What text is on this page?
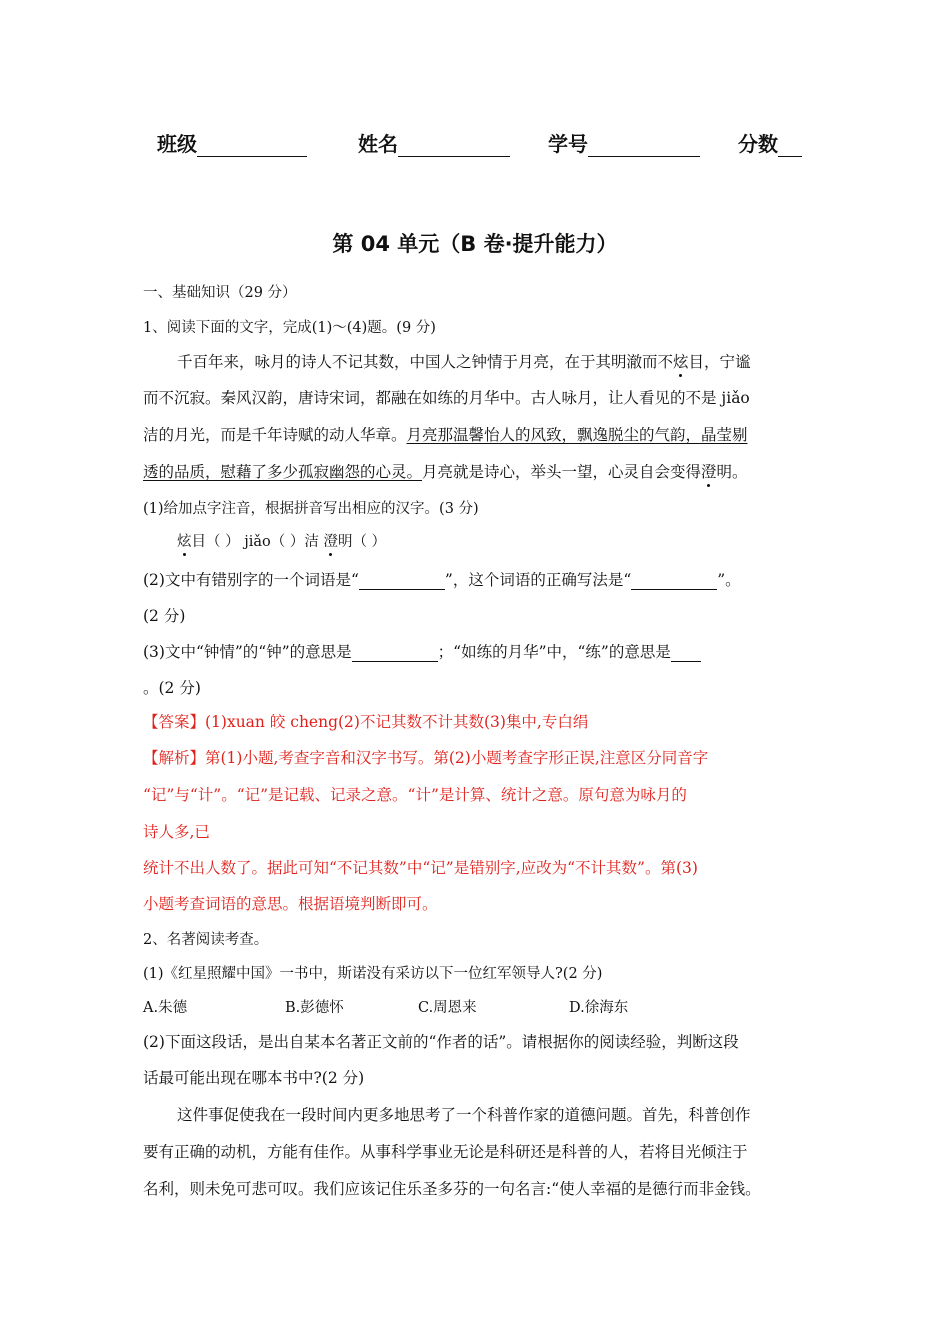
班级	姓名	学号	分数
第 04 单元（B 卷·提升能力）
一、基础知识（29 分）
1、阅读下面的文字，完成(1)～(4)题。(9 分)
千百年来，咏月的诗人不记其数，中国人之钟情于月亮，在于其明澈而不炫目，宁谧
而不沉寂。秦风汉韵，唐诗宋词，都融在如练的月华中。古人咏月，让人看见的不是 jiǎo
洁的月光，而是千年诗赋的动人华章。月亮那温馨怡人的风致，飘逸脱尘的气韵，晶莹剔
透的品质，慰藉了多少孤寂幽怨的心灵。月亮就是诗心，举头一望，心灵自会变得澄明。
(1)给加点字注音，根据拼音写出相应的汉字。(3 分)
炫目（ ） jiǎo（ ）洁 澄明（ ）
(2)文中有错别字的一个词语是“	”，这个词语的正确写法是“	”。
(2 分)
(3)文中“钟情”的“钟”的意思是	；“如练的月华”中，“练”的意思是
。(2 分)
【答案】(1)xuan 皎 cheng(2)不记其数不计其数(3)集中,专白绢
【解析】第(1)小题,考查字音和汉字书写。第(2)小题考查字形正误,注意区分同音字
“记”与“计”。“记”是记载、记录之意。“计”是计算、统计之意。原句意为咏月的
诗人多,已
统计不出人数了。据此可知“不记其数”中“记”是错别字,应改为“不计其数”。第(3)
小题考查词语的意思。根据语境判断即可。
2、名著阅读考查。
(1)《红星照耀中国》一书中，斯诺没有采访以下一位红军领导人?(2 分)
A.朱德	B.彭德怀	C.周恩来	D.徐海东
(2)下面这段话，是出自某本名著正文前的“作者的话”。请根据你的阅读经验，判断这段
话最可能出现在哪本书中?(2 分)
这件事促使我在一段时间内更多地思考了一个科普作家的道德问题。首先，科普创作
要有正确的动机，方能有佳作。从事科学事业无论是科研还是科普的人，若将目光倾注于
名利，则未免可悲可叹。我们应该记住乐圣多芬的一句名言:“使人幸福的是德行而非金钱。
